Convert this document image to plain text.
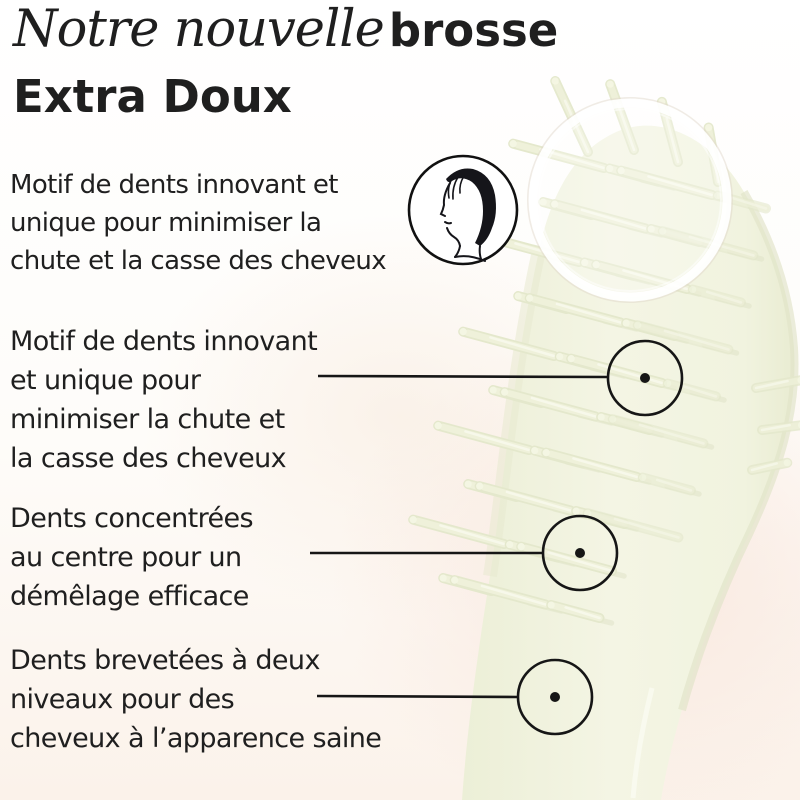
Notre nouvelle brosse
Extra Doux
Motif de dents innovant et
unique pour minimiser la
chute et la casse des cheveux
Motif de dents innovant
et unique pour
minimiser la chute et
la casse des cheveux
Dents concentrées
au centre pour un
démêlage efficace
Dents brevetées à deux
niveaux pour des
cheveux à l’apparence saine
